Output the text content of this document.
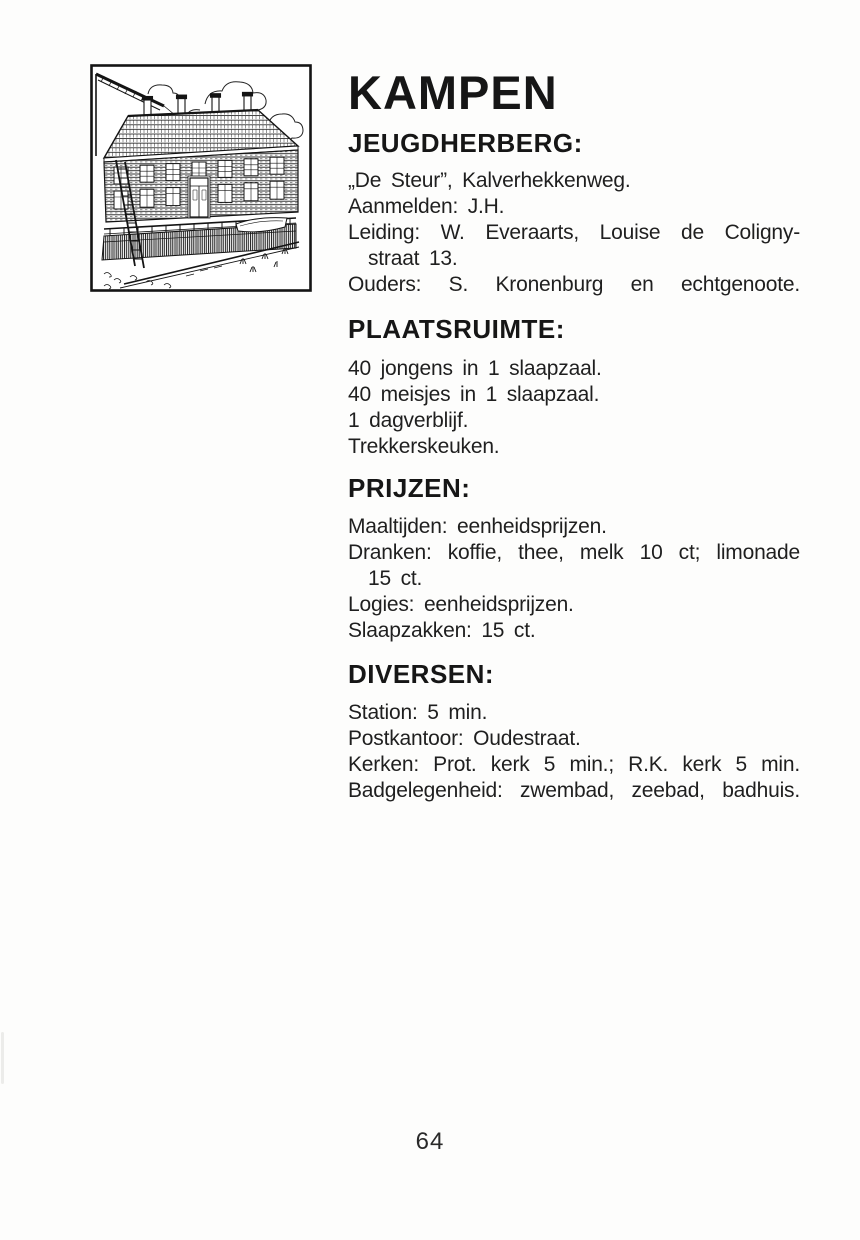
KAMPEN
JEUGDHERBERG:
„De Steur”, Kalverhekkenweg.
Aanmelden: J.H.
Leiding: W. Everaarts, Louise de Coligny-
straat 13.
Ouders: S. Kronenburg en echtgenoote.
PLAATSRUIMTE:
40 jongens in 1 slaapzaal.
40 meisjes in 1 slaapzaal.
1 dagverblijf.
Trekkerskeuken.
PRIJZEN:
Maaltijden: eenheidsprijzen.
Dranken: koffie, thee, melk 10 ct; limonade
15 ct.
Logies: eenheidsprijzen.
Slaapzakken: 15 ct.
DIVERSEN:
Station: 5 min.
Postkantoor: Oudestraat.
Kerken: Prot. kerk 5 min.; R.K. kerk 5 min.
Badgelegenheid: zwembad, zeebad, badhuis.
64
